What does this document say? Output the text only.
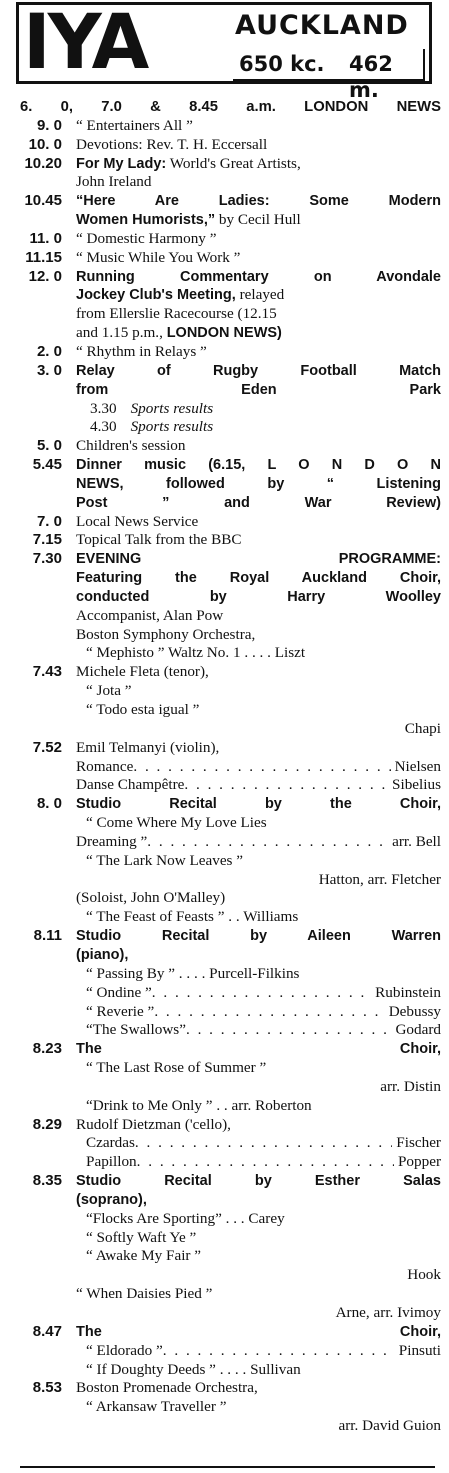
IYA	AUCKLAND
650 kc. 462 m.
6. 0, 7.0 & 8.45 a.m. LONDON NEWS
9. 0 “ Entertainers All ”
10. 0 Devotions: Rev. T. H. Eccersall
10.20 For My Lady: World's Great Artists,
John Ireland
10.45 “Here Are Ladies: Some Modern
Women Humorists,” by Cecil Hull
11. 0 “ Domestic Harmony ”
11.15 “ Music While You Work ”
12. 0 Running Commentary on Avondale
Jockey Club's Meeting, relayed
from Ellerslie Racecourse (12.15
and 1.15 p.m., LONDON NEWS)
2. 0 “ Rhythm in Relays ”
3. 0 Relay of Rugby Football Match
from Eden Park
3.30 Sports results
4.30 Sports results
5. 0 Children's session
5.45 Dinner music (6.15, L O N D O N
NEWS, followed by “ Listening
Post ” and War Review)
7. 0 Local News Service
7.15 Topical Talk from the BBC
7.30 EVENING PROGRAMME:
Featuring the Royal Auckland Choir,
conducted by Harry Woolley
Accompanist, Alan Pow
Boston Symphony Orchestra,
“ Mephisto ” Waltz No. 1 . . . . Liszt
7.43 Michele Fleta (tenor),
“ Jota ”
“ Todo esta igual ”
Chapi
7.52 Emil Telmanyi (violin),
Romance . . .	Nielsen
Danse Champêtre . . .	Sibelius
8. 0 Studio Recital by the Choir,
“ Come Where My Love Lies
Dreaming ” . . .	arr. Bell
“ The Lark Now Leaves ”
Hatton, arr. Fletcher
(Soloist, John O'Malley)
“ The Feast of Feasts ” . . Williams
8.11 Studio Recital by Aileen Warren
(piano),
“ Passing By ” . . . . Purcell-Filkins
“ Ondine ” . . .	Rubinstein
“ Reverie ” . . .	Debussy
“The Swallows” . . .	Godard
8.23 The Choir,
“ The Last Rose of Summer ”
arr. Distin
“Drink to Me Only ” . . arr. Roberton
8.29 Rudolf Dietzman ('cello),
Czardas . . .	Fischer
Papillon . . .	Popper
8.35 Studio Recital by Esther Salas
(soprano),
“Flocks Are Sporting” . . . Carey
“ Softly Waft Ye ”
“ Awake My Fair ”
Hook
“ When Daisies Pied ”
Arne, arr. Ivimoy
8.47 The Choir,
“ Eldorado ” . . .	Pinsuti
“ If Doughty Deeds ” . . . . Sullivan
8.53 Boston Promenade Orchestra,
“ Arkansaw Traveller ”
arr. David Guion
